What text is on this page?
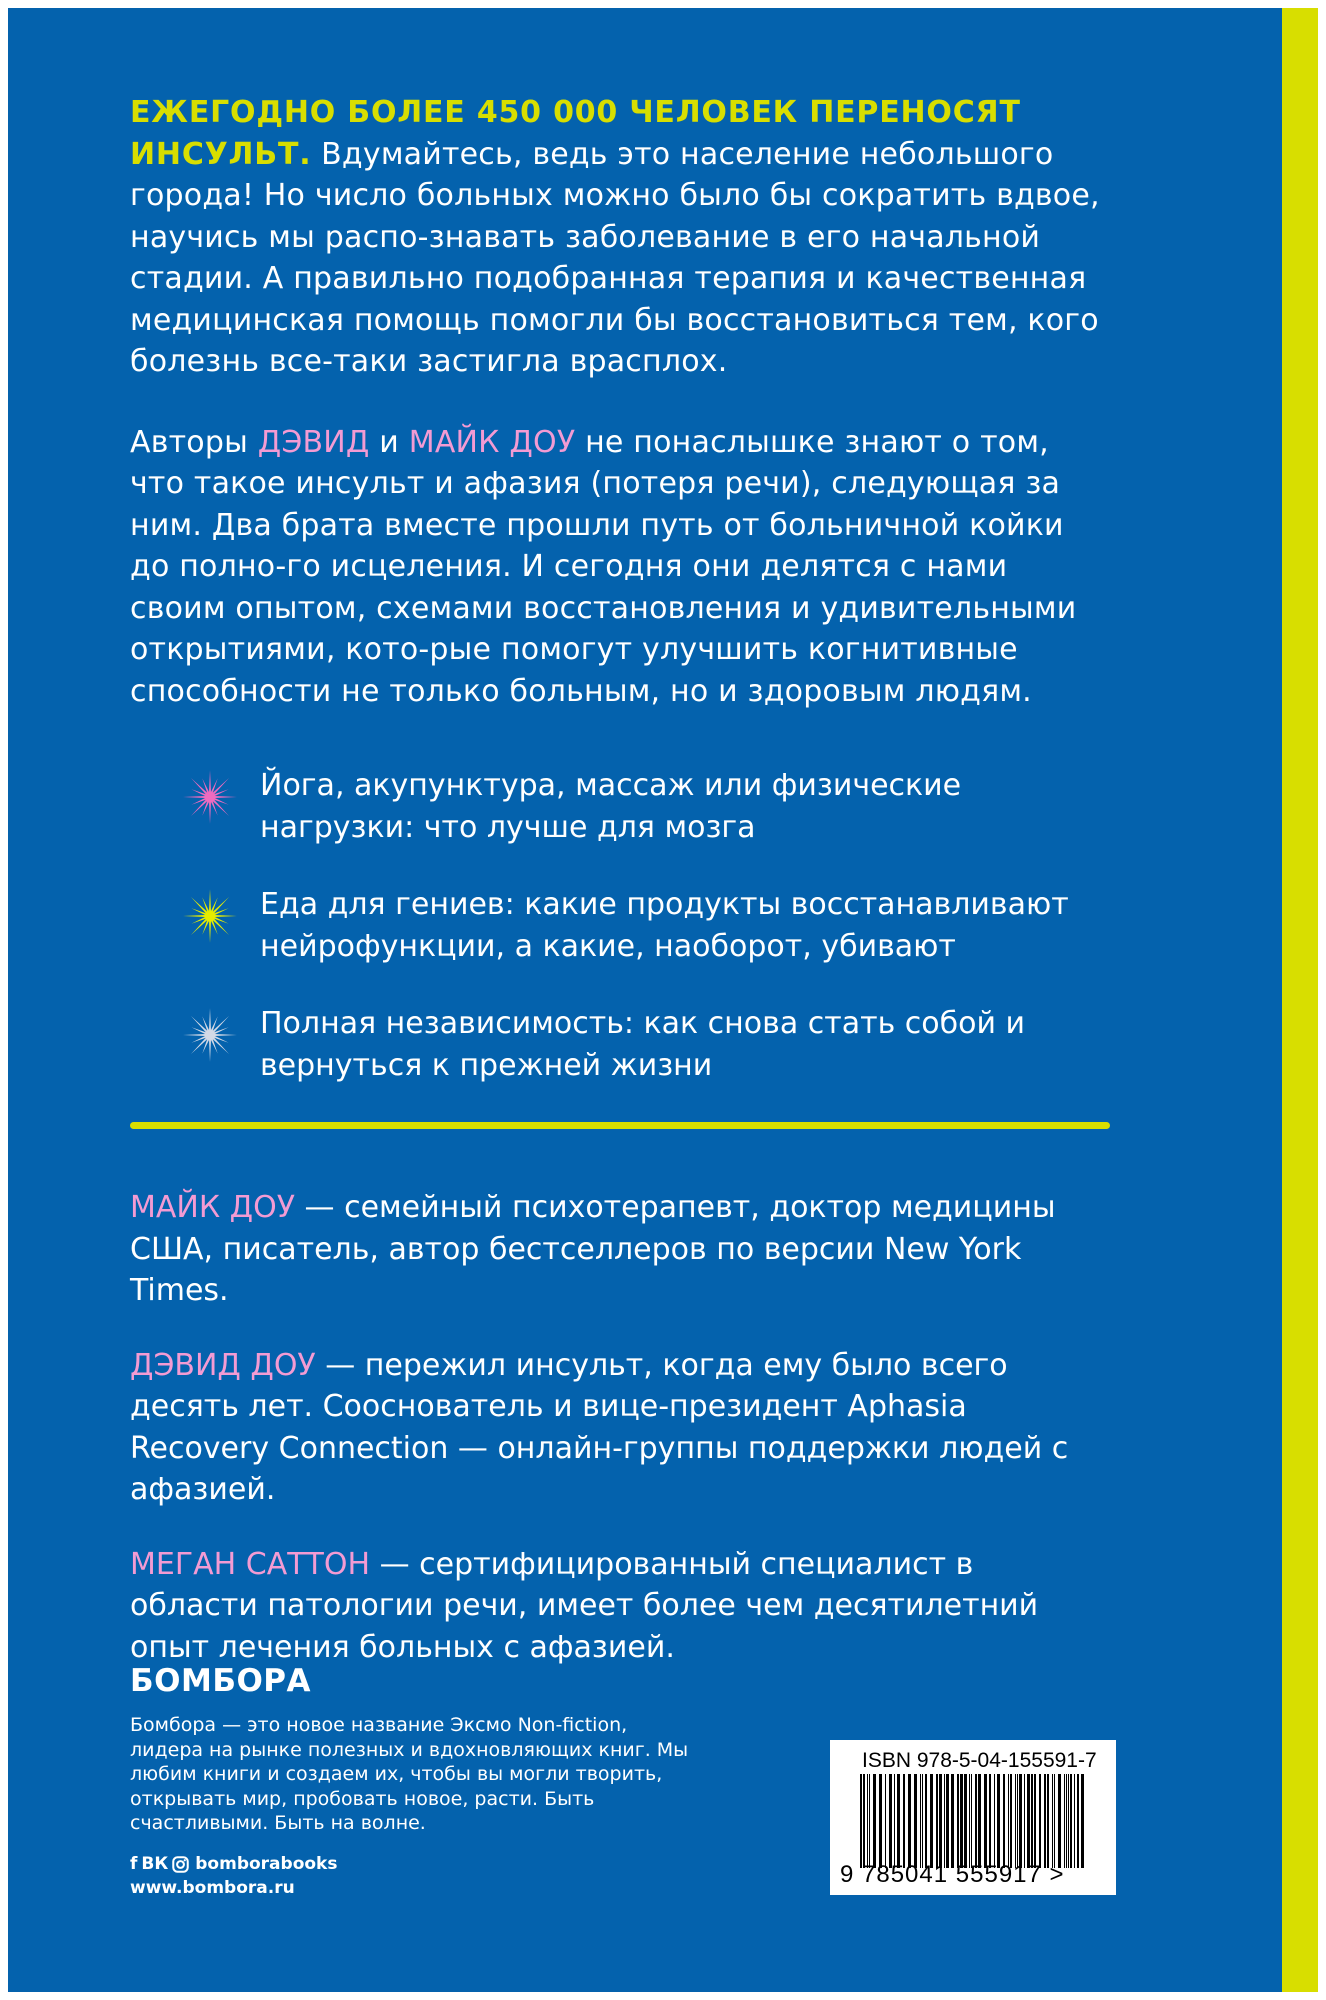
ЕЖЕГОДНО БОЛЕЕ 450 000 ЧЕЛОВЕК ПЕРЕНОСЯТ ИНСУЛЬТ. Вдумайтесь, ведь это население небольшого города! Но число больных можно было бы сократить вдвое, научись мы распо-знавать заболевание в его начальной стадии. А правильно подобранная терапия и качественная медицинская помощь помогли бы восстановиться тем, кого болезнь все-таки застигла врасплох.

Авторы ДЭВИД и МАЙК ДОУ не понаслышке знают о том, что такое инсульт и афазия (потеря речи), следующая за ним. Два брата вместе прошли путь от больничной койки до полно-го исцеления. И сегодня они делятся с нами своим опытом, схемами восстановления и удивительными открытиями, кото-рые помогут улучшить когнитивные способности не только больным, но и здоровым людям.

Йога, акупунктура, массаж или физические нагрузки: что лучше для мозга
Еда для гениев: какие продукты восстанавливают нейрофункции, а какие, наоборот, убивают
Полная независимость: как снова стать собой и вернуться к прежней жизни

МАЙК ДОУ — семейный психотерапевт, доктор медицины США, писатель, автор бестселлеров по версии New York Times.

ДЭВИД ДОУ — пережил инсульт, когда ему было всего десять лет. Сооснователь и вице-президент Aphasia Recovery Connection — онлайн-группы поддержки людей с афазией.

МЕГАН САТТОН — сертифицированный специалист в области патологии речи, имеет более чем десятилетний опыт лечения больных с афазией.

БОМБОРА
Бомбора — это новое название Эксмо Non-fiction, лидера на рынке полезных и вдохновляющих книг. Мы любим книги и создаем их, чтобы вы могли творить, открывать мир, пробовать новое, расти. Быть счастливыми. Быть на волне.
f ВК bomborabooks
www.bombora.ru
ISBN 978-5-04-155591-7
9 785041 555917 >
